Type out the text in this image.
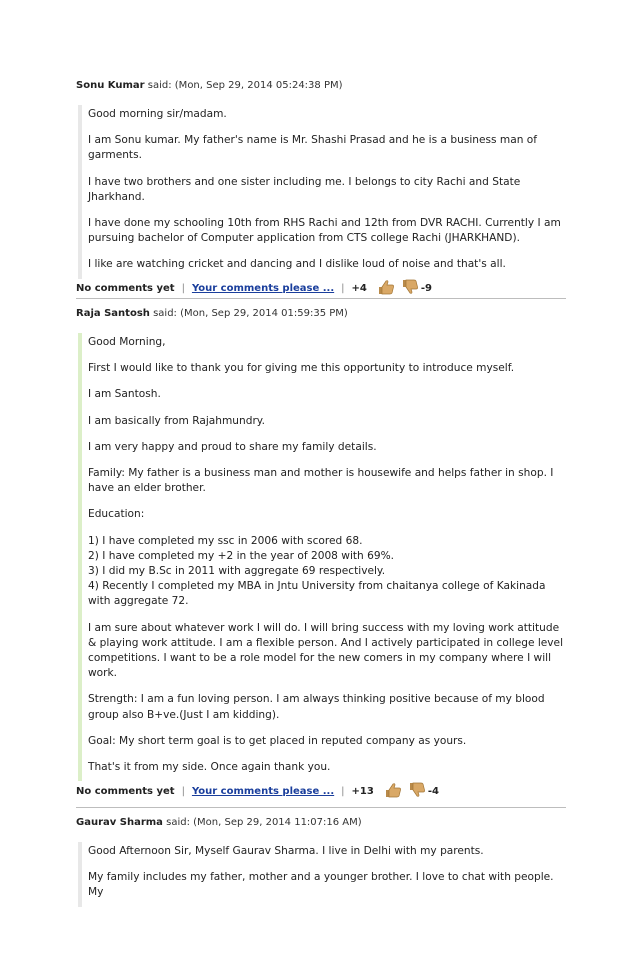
Sonu Kumar said: (Mon, Sep 29, 2014 05:24:38 PM)

Good morning sir/madam.

I am Sonu kumar. My father's name is Mr. Shashi Prasad and he is a business man of garments.

I have two brothers and one sister including me. I belongs to city Rachi and State Jharkhand.

I have done my schooling 10th from RHS Rachi and 12th from DVR RACHI. Currently I am pursuing bachelor of Computer application from CTS college Rachi (JHARKHAND).

I like are watching cricket and dancing and I dislike loud of noise and that's all.

No comments yet | Your comments please ... | +4	-9

Raja Santosh said: (Mon, Sep 29, 2014 01:59:35 PM)

Good Morning,

First I would like to thank you for giving me this opportunity to introduce myself.

I am Santosh.

I am basically from Rajahmundry.

I am very happy and proud to share my family details.

Family: My father is a business man and mother is housewife and helps father in shop. I have an elder brother.

Education:

1) I have completed my ssc in 2006 with scored 68.
2) I have completed my +2 in the year of 2008 with 69%.
3) I did my B.Sc in 2011 with aggregate 69 respectively.
4) Recently I completed my MBA in Jntu University from chaitanya college of Kakinada with aggregate 72.

I am sure about whatever work I will do. I will bring success with my loving work attitude & playing work attitude. I am a flexible person. And I actively participated in college level competitions. I want to be a role model for the new comers in my company where I will work.

Strength: I am a fun loving person. I am always thinking positive because of my blood group also B+ve.(Just I am kidding).

Goal: My short term goal is to get placed in reputed company as yours.

That's it from my side. Once again thank you.

No comments yet | Your comments please ... | +13	-4

Gaurav Sharma said: (Mon, Sep 29, 2014 11:07:16 AM)

Good Afternoon Sir, Myself Gaurav Sharma. I live in Delhi with my parents.

My family includes my father, mother and a younger brother. I love to chat with people. My
